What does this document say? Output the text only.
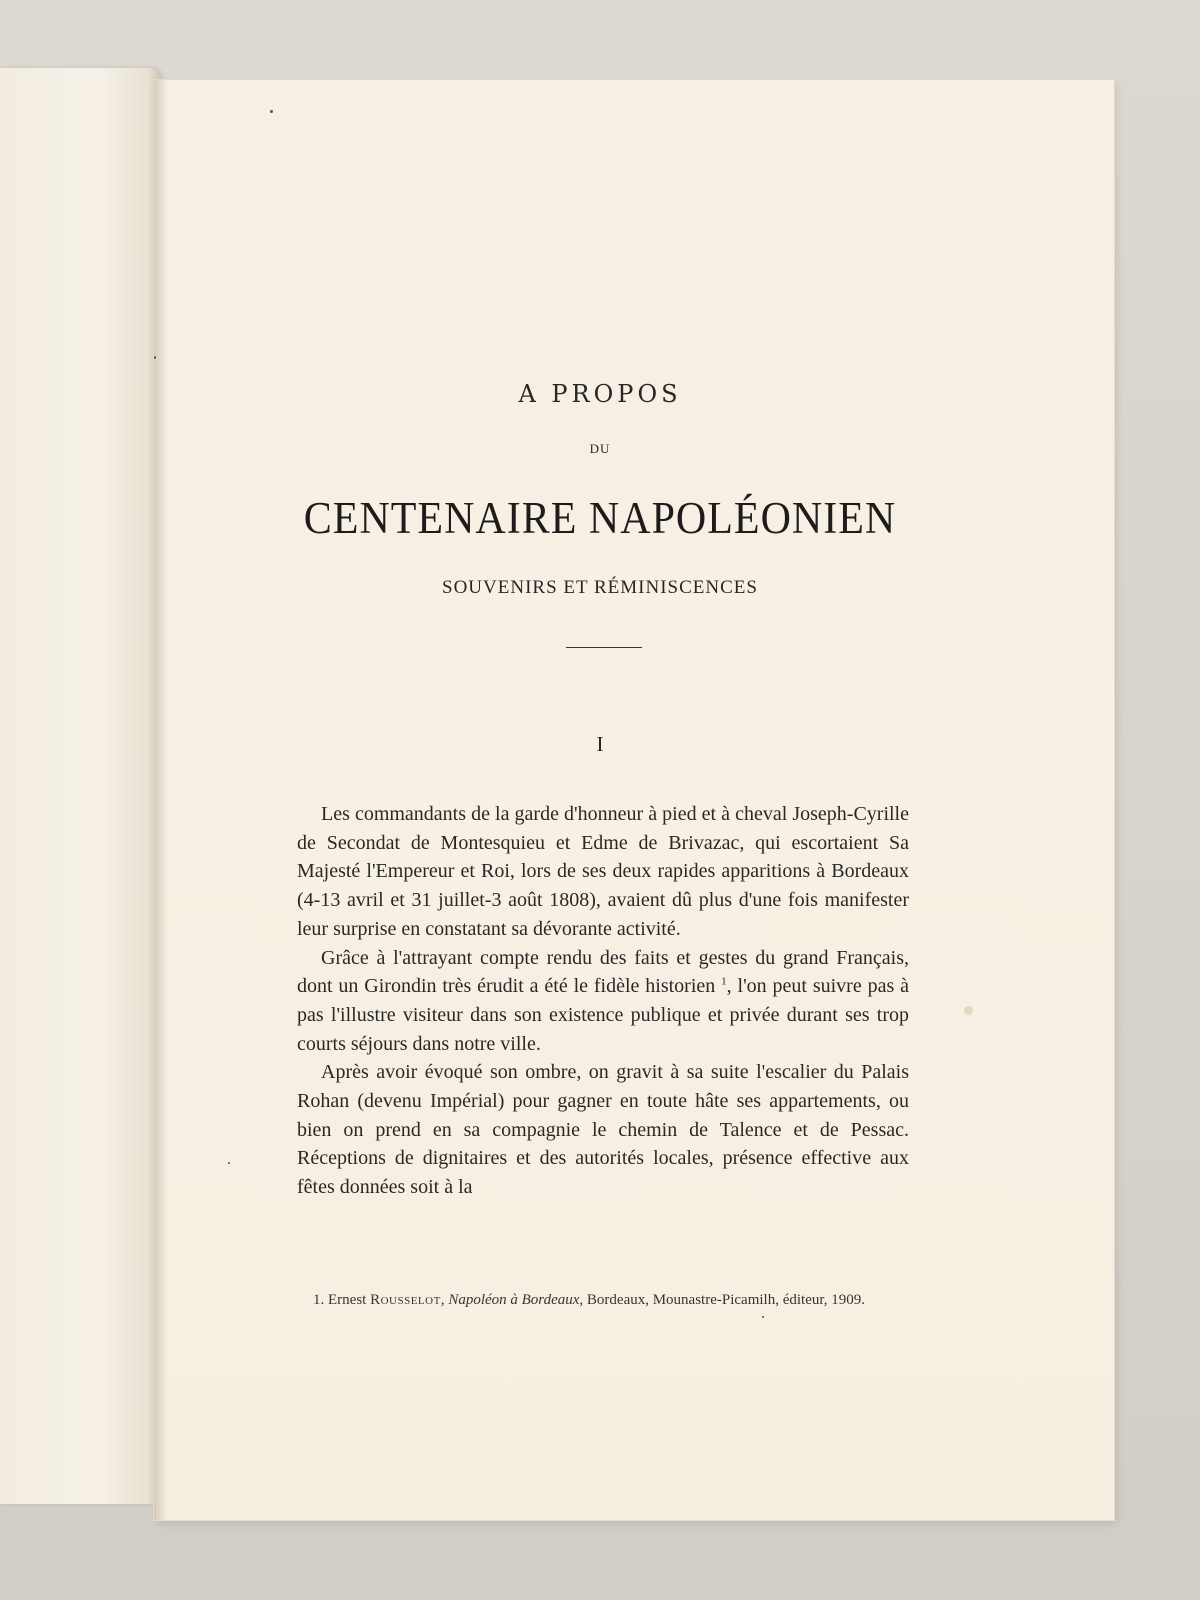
A PROPOS
DU
CENTENAIRE NAPOLÉONIEN
SOUVENIRS ET RÉMINISCENCES
I

Les commandants de la garde d'honneur à pied et à cheval Joseph-Cyrille de Secondat de Montesquieu et Edme de Brivazac, qui escortaient Sa Majesté l'Empereur et Roi, lors de ses deux rapides apparitions à Bordeaux (4-13 avril et 31 juillet-3 août 1808), avaient dû plus d'une fois manifester leur surprise en constatant sa dévorante activité.

Grâce à l'attrayant compte rendu des faits et gestes du grand Français, dont un Girondin très érudit a été le fidèle historien $^1$, l'on peut suivre pas à pas l'illustre visiteur dans son existence publique et privée durant ses trop courts séjours dans notre ville.

Après avoir évoqué son ombre, on gravit à sa suite l'escalier du Palais Rohan (devenu Impérial) pour gagner en toute hâte ses appartements, ou bien on prend en sa compagnie le chemin de Talence et de Pessac. Réceptions de dignitaires et des autorités locales, présence effective aux fêtes données soit à la

1. Ernest Rousselot, Napoléon à Bordeaux, Bordeaux, Mounastre-Picamilh, éditeur, 1909.
